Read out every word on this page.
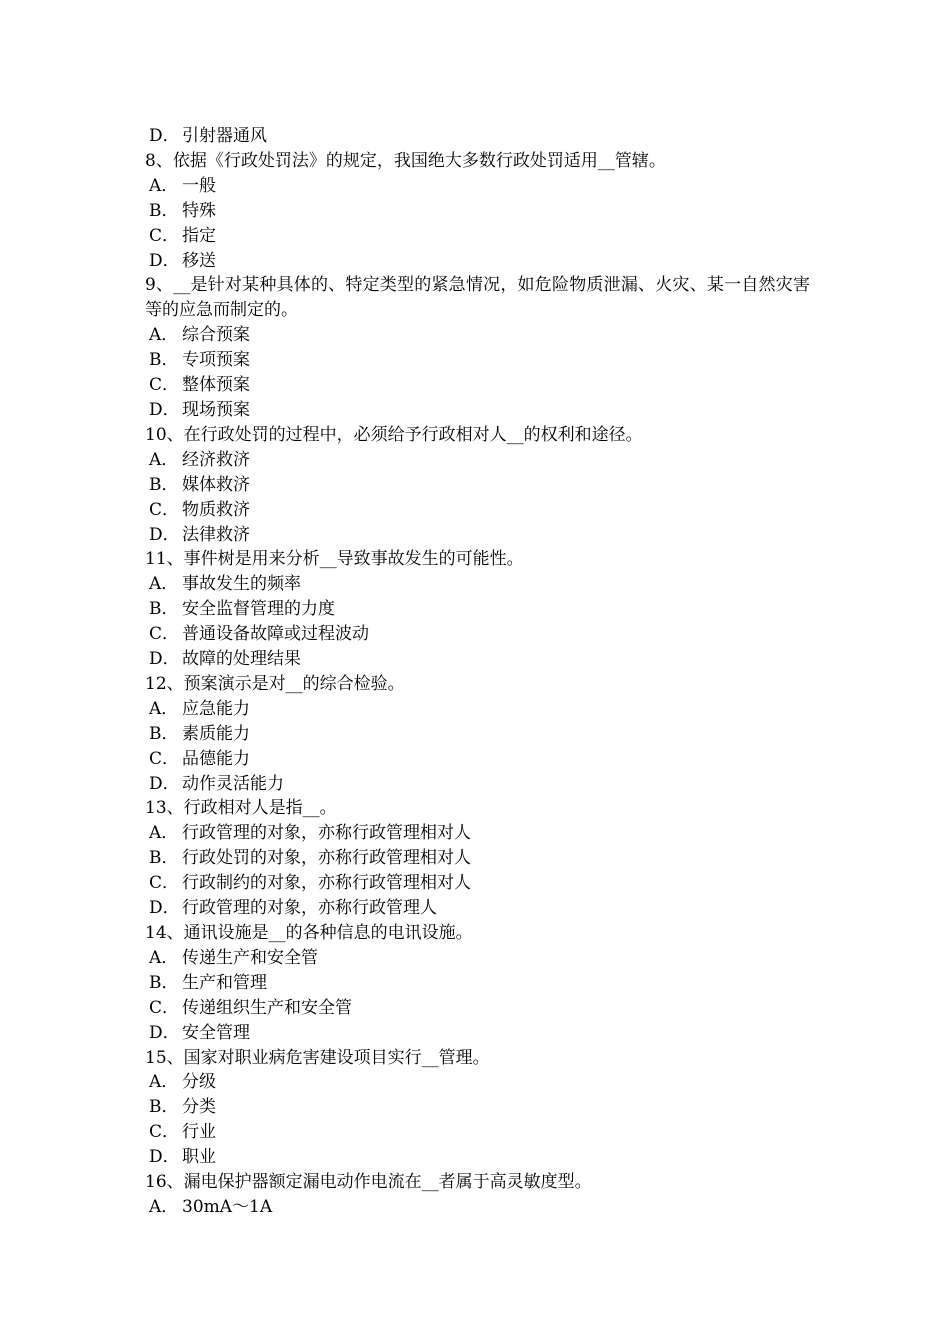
D． 引射器通风
8、依据《行政处罚法》的规定，我国绝大多数行政处罚适用__管辖。
A． 一般
B． 特殊
C． 指定
D． 移送
9、__是针对某种具体的、特定类型的紧急情况，如危险物质泄漏、火灾、某一自然灾害等的应急而制定的。
A． 综合预案
B． 专项预案
C． 整体预案
D． 现场预案
10、在行政处罚的过程中，必须给予行政相对人__的权利和途径。
A． 经济救济
B． 媒体救济
C． 物质救济
D． 法律救济
11、事件树是用来分析__导致事故发生的可能性。
A． 事故发生的频率
B． 安全监督管理的力度
C． 普通设备故障或过程波动
D． 故障的处理结果
12、预案演示是对__的综合检验。
A． 应急能力
B． 素质能力
C． 品德能力
D． 动作灵活能力
13、行政相对人是指__。
A． 行政管理的对象，亦称行政管理相对人
B． 行政处罚的对象，亦称行政管理相对人
C． 行政制约的对象，亦称行政管理相对人
D． 行政管理的对象，亦称行政管理人
14、通讯设施是__的各种信息的电讯设施。
A． 传递生产和安全管
B． 生产和管理
C． 传递组织生产和安全管
D． 安全管理
15、国家对职业病危害建设项目实行__管理。
A． 分级
B． 分类
C． 行业
D． 职业
16、漏电保护器额定漏电动作电流在__者属于高灵敏度型。
A． 30mA～1A
